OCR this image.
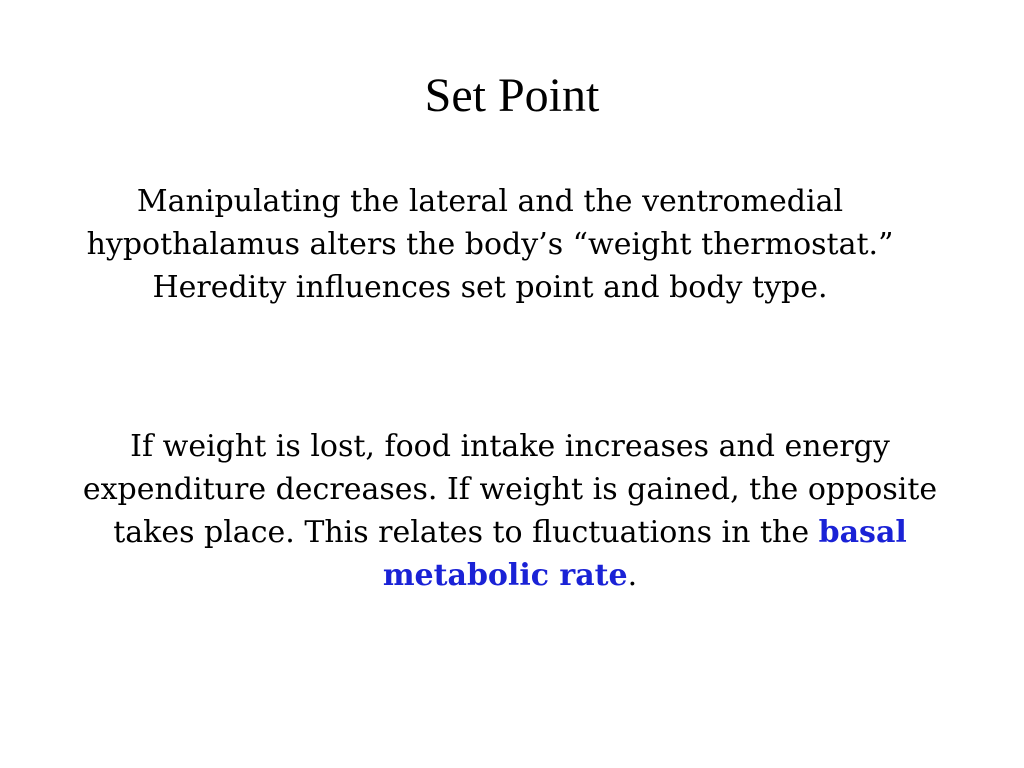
Set Point

Manipulating the lateral and the ventromedial hypothalamus alters the body’s “weight thermostat.” Heredity influences set point and body type.

If weight is lost, food intake increases and energy expenditure decreases. If weight is gained, the opposite takes place. This relates to fluctuations in the basal metabolic rate.
